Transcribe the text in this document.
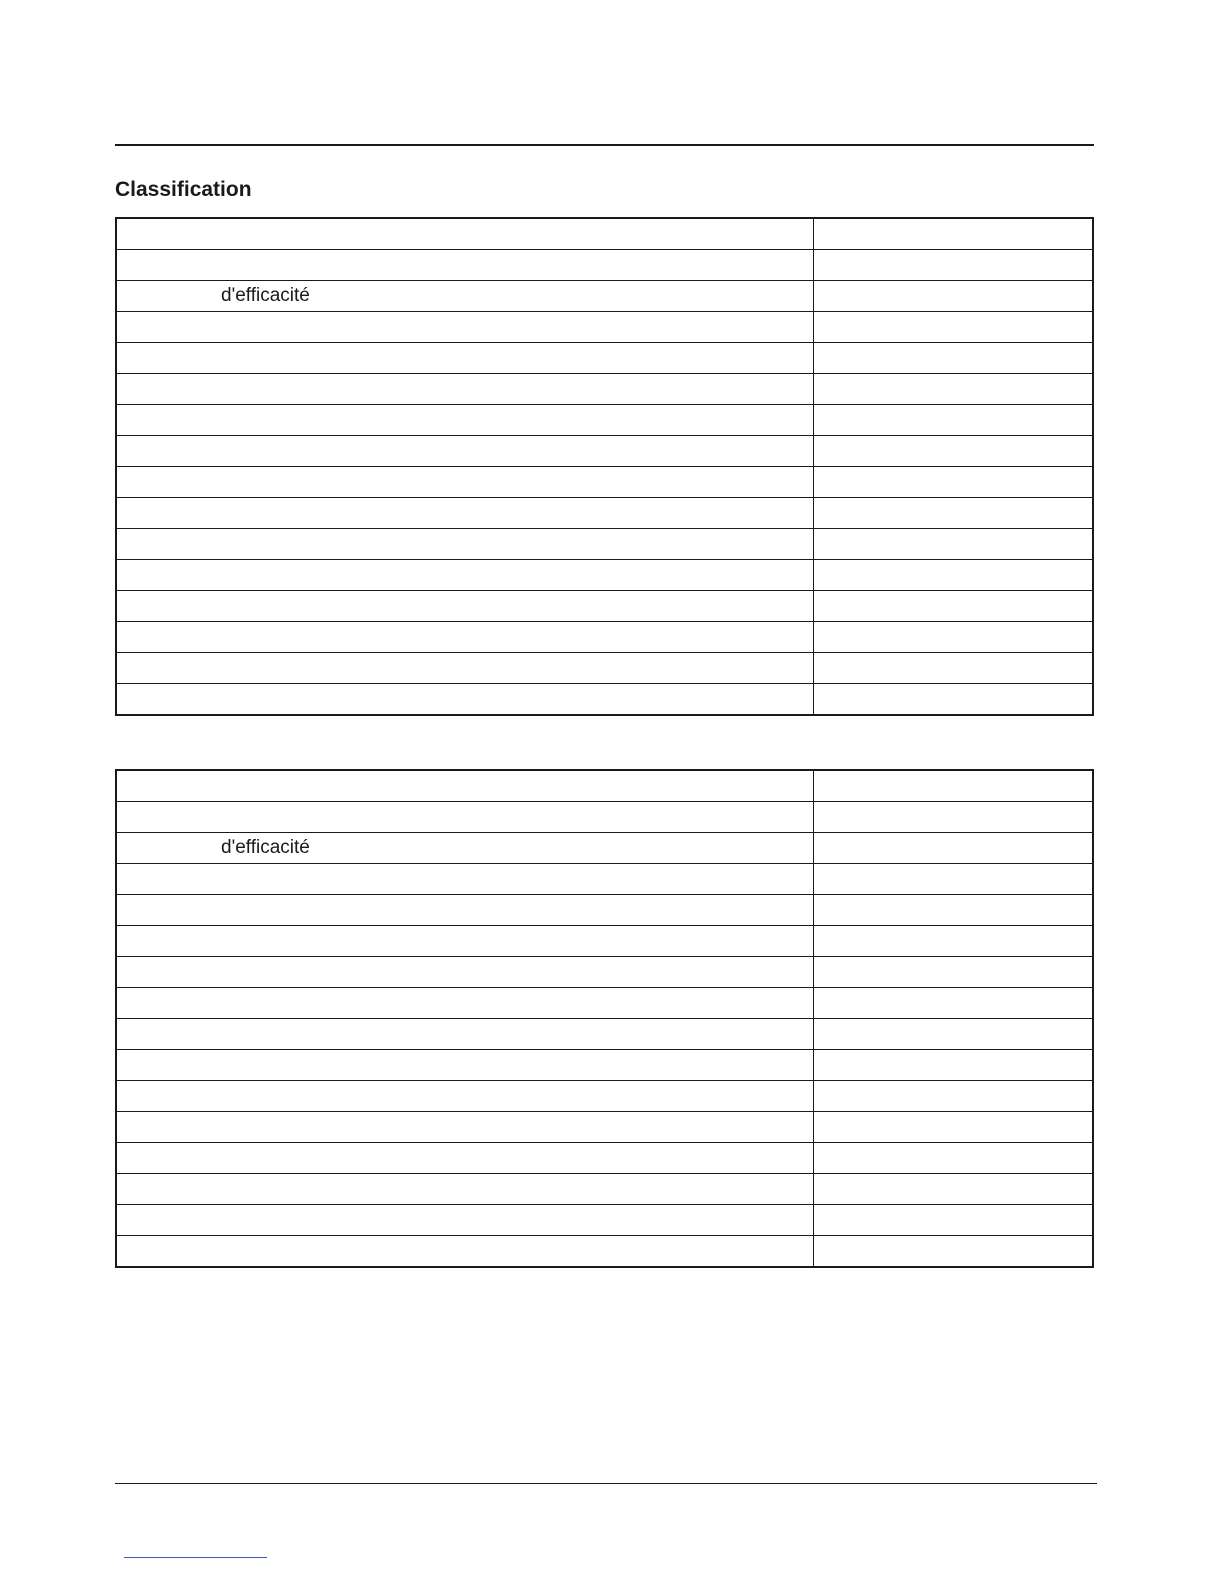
Classification

d'efficacité	

d'efficacité	
